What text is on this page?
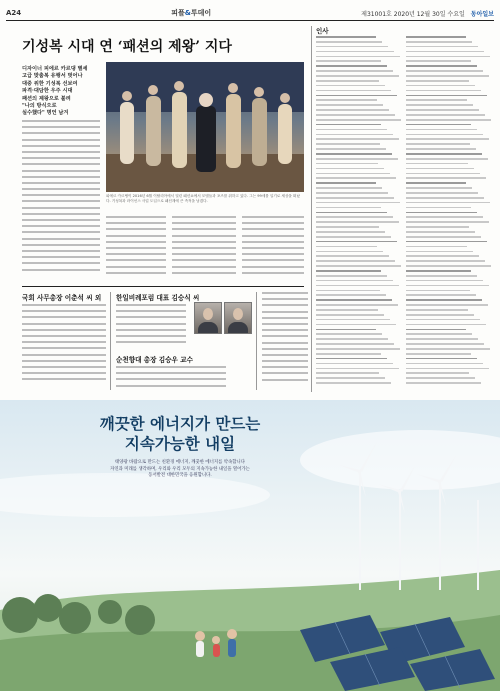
A24	피플&투데이	제31001호 2020년 12월 30일 수요일 동아일보
기성복 시대 연 ‘패션의 제왕’ 지다
디자이너 피에르 카르댕 별세
고급 맞춤복 유행서 벗어나
대중 위한 기성복 선보여
파격·대담한 우주 시대
패션의 제왕으로 불려
"나의 방식으로
실수했다" 명언 남겨
피에르 카르댕이 2016년 6월 이탈리아에서 열린 패션쇼에서 모델들과 포즈를 취하고 있다. 그는 99세를 일기로 세상을 떠났다. 기성복과 라이선스 사업 도입으로 패션계에 큰 족적을 남겼다.
국회 사무총장 이춘석 씨 외 한일비례포럼 대표 김승식 씨
순천향대 총장 김승우 교수
인사
깨끗한 에너지가 만드는
지속가능한 내일
태양광 바람으로 만드는 친환경 에너지, 깨끗한 에너지를 약속합니다
자연과 미래를 생각하며, 우리와 우리 모두의 지속가능한 내일을 열어가는
동서발전 대한민국을 응원합니다.
